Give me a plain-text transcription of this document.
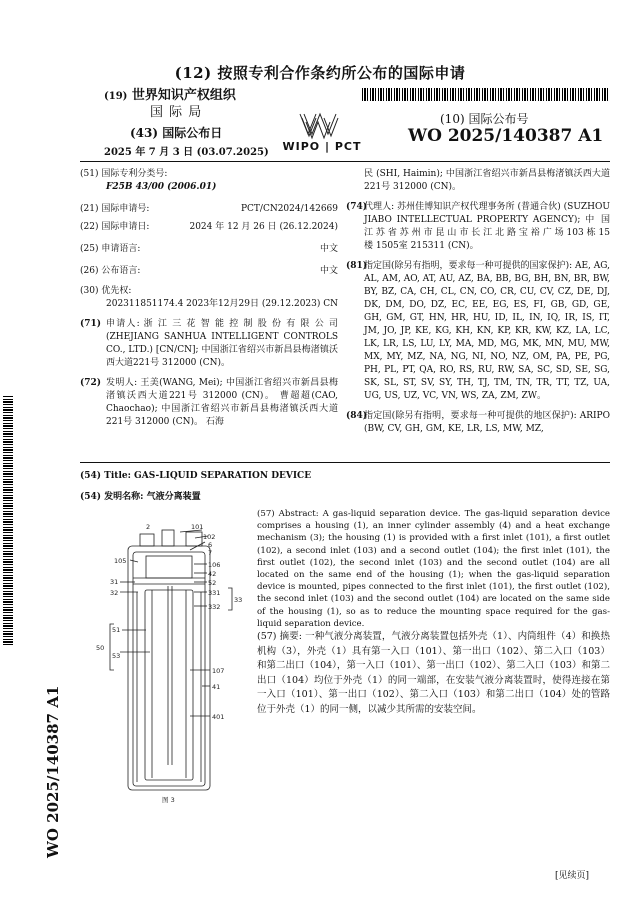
(12) 按照专利合作条约所公布的国际申请
(19) 世界知识产权组织
国 际 局
(43) 国际公布日
2025 年 7 月 3 日 (03.07.2025)	WIPO | PCT
(10) 国际公布号
WO 2025/140387 A1
(51) 国际专利分类号:
F25B 43/00 (2006.01)
(21) 国际申请号:	PCT/CN2024/142669
(22) 国际申请日:	2024 年 12 月 26 日 (26.12.2024)
(25) 申请语言:	中文
(26) 公布语言:	中文
(30) 优先权:
202311851174.4 2023年12月29日 (29.12.2023) CN
(71) 申请人: 浙 江 三 花 智 能 控 制 股 份 有 限 公 司 (ZHEJIANG SANHUA INTELLIGENT CONTROLS CO., LTD.) [CN/CN]; 中国浙江省绍兴市新昌县梅渚镇沃西大道221号 312000 (CN)。
(72) 发明人: 王美(WANG, Mei); 中国浙江省绍兴市新昌县梅渚镇沃西大道221号 312000 (CN)。 曹超超(CAO, Chaochao); 中国浙江省绍兴市新昌县梅渚镇沃西大道221号 312000 (CN)。 石海
民 (SHI, Haimin); 中国浙江省绍兴市新昌县梅渚镇沃西大道221号 312000 (CN)。
(74)
代理人: 苏州佳博知识产权代理事务所 (普通合伙) (SUZHOU JIABO INTELLECTUAL PROPERTY AGENCY); 中 国 江 苏 省 苏 州 市 昆 山 市 长 江 北 路 宝 裕 广 场 103 栋 15 楼 1505室 215311 (CN)。
(81)
指定国(除另有指明，要求每一种可提供的国家保护): AE, AG, AL, AM, AO, AT, AU, AZ, BA, BB, BG, BH, BN, BR, BW, BY, BZ, CA, CH, CL, CN, CO, CR, CU, CV, CZ, DE, DJ, DK, DM, DO, DZ, EC, EE, EG, ES, FI, GB, GD, GE, GH, GM, GT, HN, HR, HU, ID, IL, IN, IQ, IR, IS, IT, JM, JO, JP, KE, KG, KH, KN, KP, KR, KW, KZ, LA, LC, LK, LR, LS, LU, LY, MA, MD, MG, MK, MN, MU, MW, MX, MY, MZ, NA, NG, NI, NO, NZ, OM, PA, PE, PG, PH, PL, PT, QA, RO, RS, RU, RW, SA, SC, SD, SE, SG, SK, SL, ST, SV, SY, TH, TJ, TM, TN, TR, TT, TZ, UA, UG, US, UZ, VC, VN, WS, ZA, ZM, ZW。
(84)
指定国(除另有指明，要求每一种可提供的地区保护): ARIPO (BW, CV, GH, GM, KE, LR, LS, MW, MZ,
WO 2025/140387 A1
(54) Title: GAS-LIQUID SEPARATION DEVICE
(54) 发明名称: 气液分离装置
2	101
102
6
7
105	106
42
52
31
32	331
332
33
51
50
53
107
41
401
图 3
(57) Abstract: A gas-liquid separation device. The gas-liquid separation device comprises a housing (1), an inner cylinder assembly (4) and a heat exchange mechanism (3); the housing (1) is provided with a first inlet (101), a first outlet (102), a second inlet (103) and a second outlet (104); the first inlet (101), the first outlet (102), the second inlet (103) and the second outlet (104) are all located on the same end of the housing (1); when the gas-liquid separation device is mounted, pipes connected to the first inlet (101), the first outlet (102), the second inlet (103) and the second outlet (104) are located on the same side of the housing (1), so as to reduce the mounting space required for the gas-liquid separation device.
(57) 摘要: 一种气液分离装置，气液分离装置包括外壳（1）、内筒组件（4）和换热机构（3），外壳（1）具有第一入口（101）、第一出口（102）、第二入口（103）和第二出口（104），第一入口（101）、第一出口（102）、第二入口（103）和第二出口（104）均位于外壳（1）的同一端部，在安装气液分离装置时，使得连接在第一入口（101）、第一出口（102）、第二入口（103）和第二出口（104）处的管路位于外壳（1）的同一侧，以减少其所需的安装空间。
[见续页]
